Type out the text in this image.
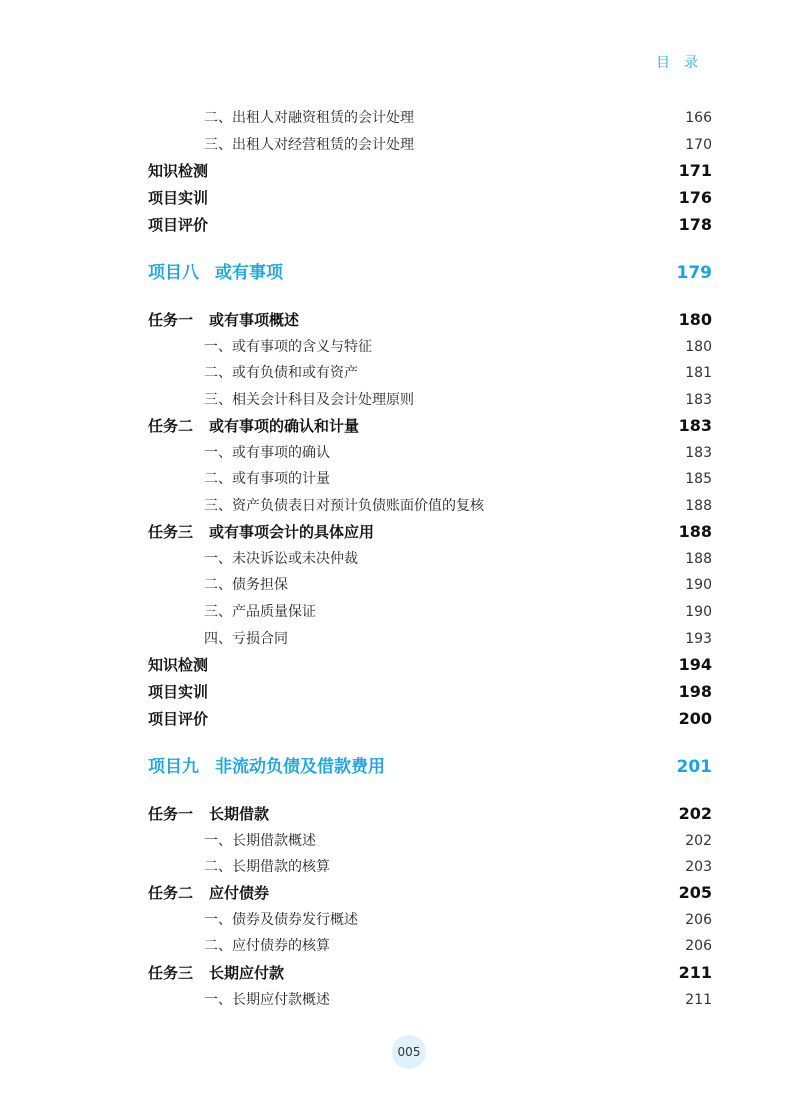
目录
二、出租人对融资租赁的会计处理	166
三、出租人对经营租赁的会计处理	170
知识检测	171
项目实训	176
项目评价	178
项目八 或有事项	179
任务一 或有事项概述	180
一、或有事项的含义与特征	180
二、或有负债和或有资产	181
三、相关会计科目及会计处理原则	183
任务二 或有事项的确认和计量	183
一、或有事项的确认	183
二、或有事项的计量	185
三、资产负债表日对预计负债账面价值的复核	188
任务三 或有事项会计的具体应用	188
一、未决诉讼或未决仲裁	188
二、债务担保	190
三、产品质量保证	190
四、亏损合同	193
知识检测	194
项目实训	198
项目评价	200
项目九 非流动负债及借款费用	201
任务一 长期借款	202
一、长期借款概述	202
二、长期借款的核算	203
任务二 应付债券	205
一、债券及债券发行概述	206
二、应付债券的核算	206
任务三 长期应付款	211
一、长期应付款概述	211
005
